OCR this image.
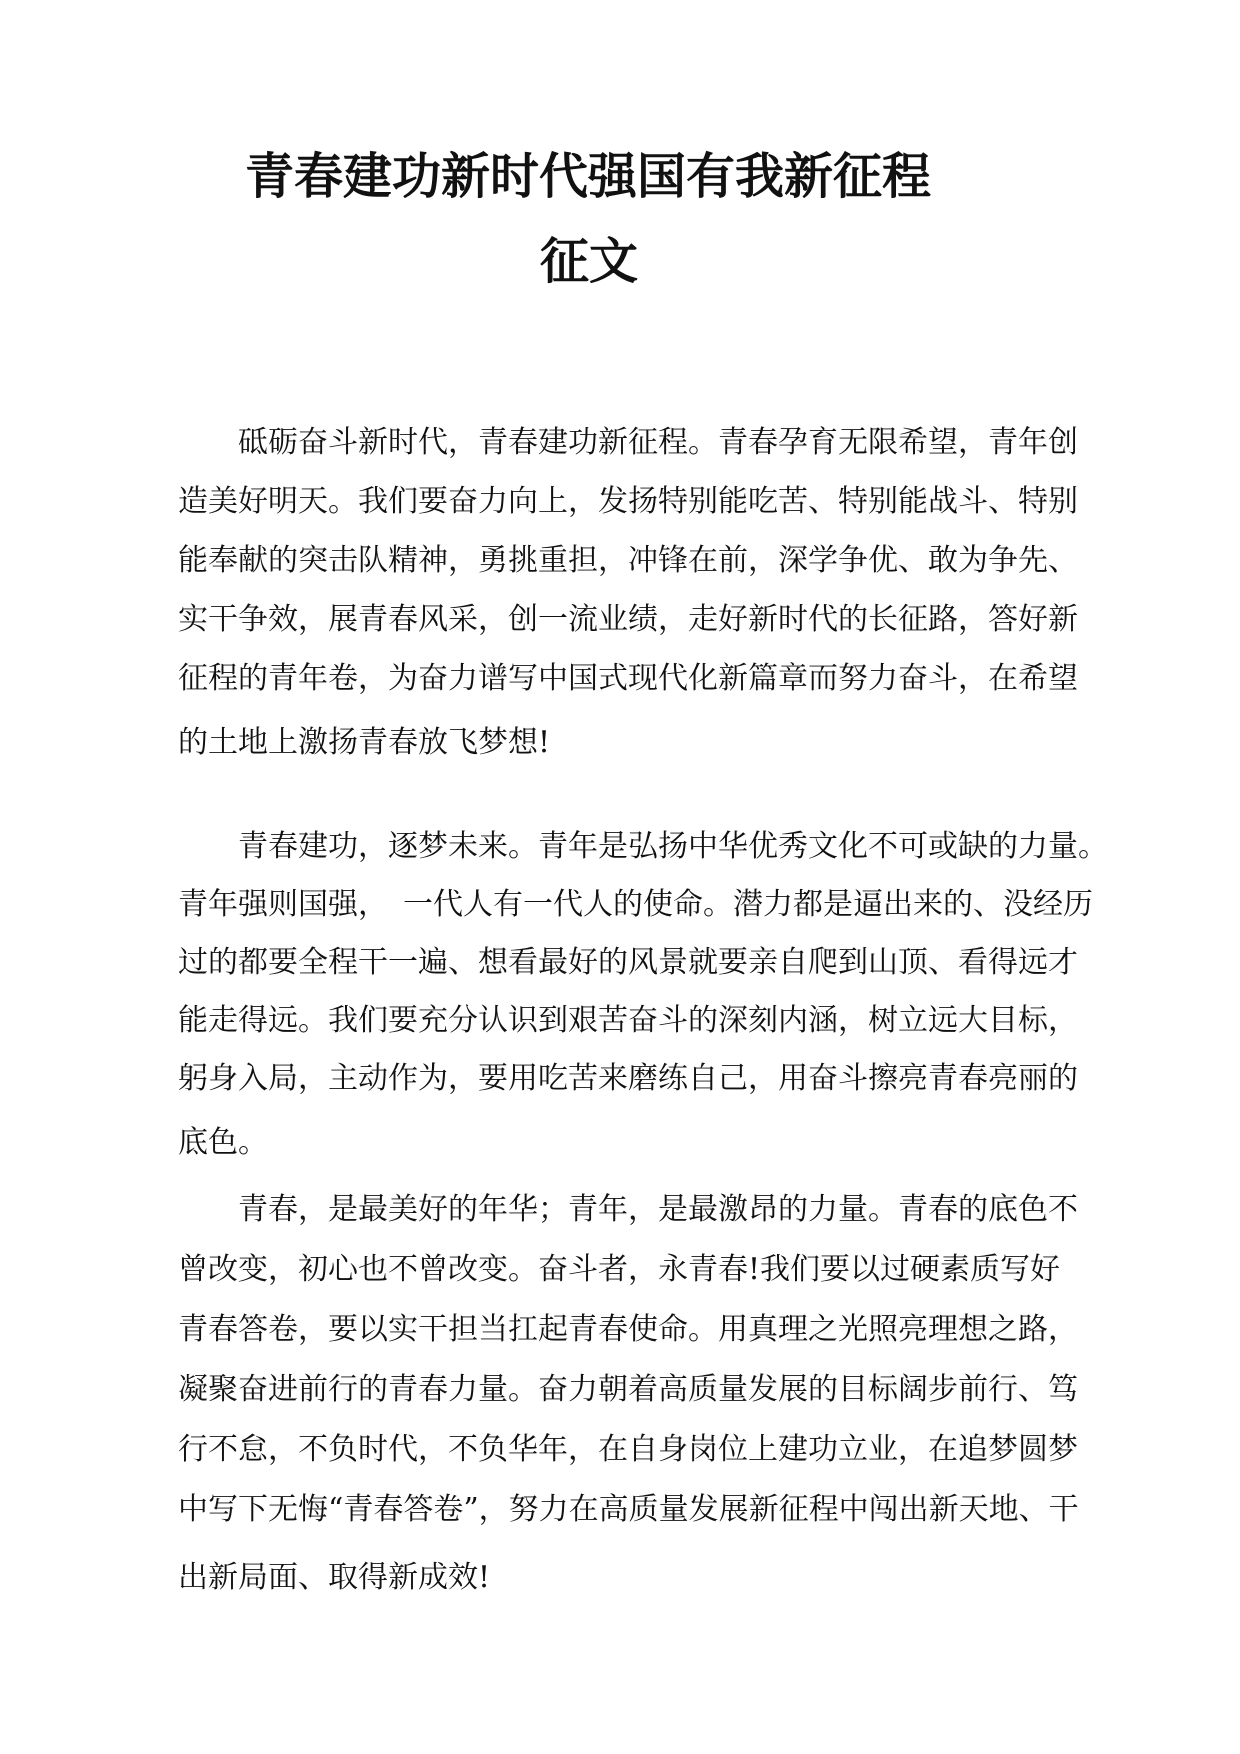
青春建功新时代强国有我新征程
征文

砥砺奋斗新时代，青春建功新征程。青春孕育无限希望，青年创

造美好明天。我们要奋力向上，发扬特别能吃苦、特别能战斗、特别

能奉献的突击队精神，勇挑重担，冲锋在前，深学争优、敢为争先、

实干争效，展青春风采，创一流业绩，走好新时代的长征路，答好新

征程的青年卷，为奋力谱写中国式现代化新篇章而努力奋斗，在希望

的土地上激扬青春放飞梦想!

青春建功，逐梦未来。青年是弘扬中华优秀文化不可或缺的力量。

青年强则国强，　一代人有一代人的使命。潜力都是逼出来的、没经历

过的都要全程干一遍、想看最好的风景就要亲自爬到山顶、看得远才

能走得远。我们要充分认识到艰苦奋斗的深刻内涵，树立远大目标，

躬身入局，主动作为，要用吃苦来磨练自己，用奋斗擦亮青春亮丽的

底色。

青春，是最美好的年华；青年，是最激昂的力量。青春的底色不

曾改变，初心也不曾改变。奋斗者，永青春!我们要以过硬素质写好

青春答卷，要以实干担当扛起青春使命。用真理之光照亮理想之路，

凝聚奋进前行的青春力量。奋力朝着高质量发展的目标阔步前行、笃

行不怠，不负时代，不负华年，在自身岗位上建功立业，在追梦圆梦

中写下无悔“青春答卷”，努力在高质量发展新征程中闯出新天地、干

出新局面、取得新成效!
